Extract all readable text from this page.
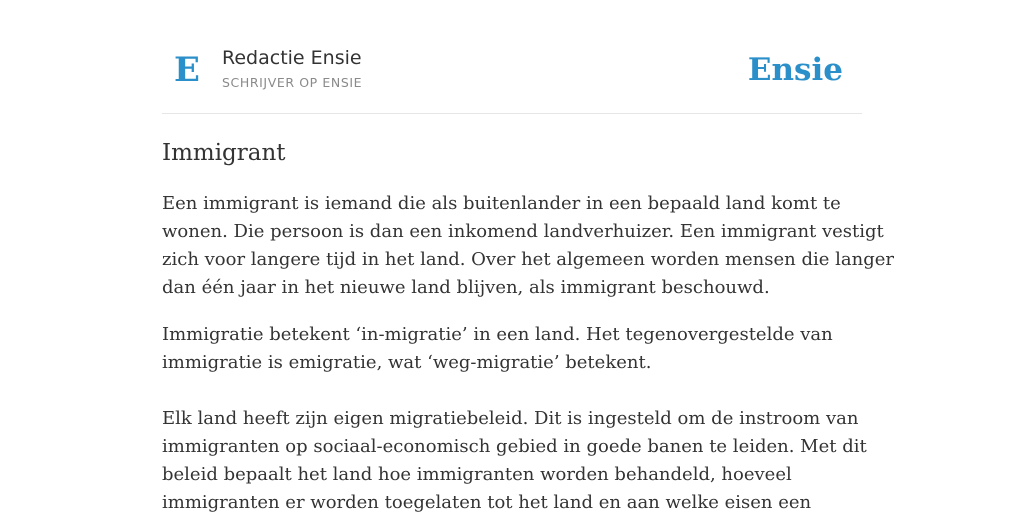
E Redactie Ensie
SCHRIJVER OP ENSIE	Ensie
Immigrant

Een immigrant is iemand die als buitenlander in een bepaald land komt te
wonen. Die persoon is dan een inkomend landverhuizer. Een immigrant vestigt
zich voor langere tijd in het land. Over het algemeen worden mensen die langer
dan één jaar in het nieuwe land blijven, als immigrant beschouwd.

Immigratie betekent ‘in-migratie’ in een land. Het tegenovergestelde van
immigratie is emigratie, wat ‘weg-migratie’ betekent.

Elk land heeft zijn eigen migratiebeleid. Dit is ingesteld om de instroom van
immigranten op sociaal-economisch gebied in goede banen te leiden. Met dit
beleid bepaalt het land hoe immigranten worden behandeld, hoeveel
immigranten er worden toegelaten tot het land en aan welke eisen een
